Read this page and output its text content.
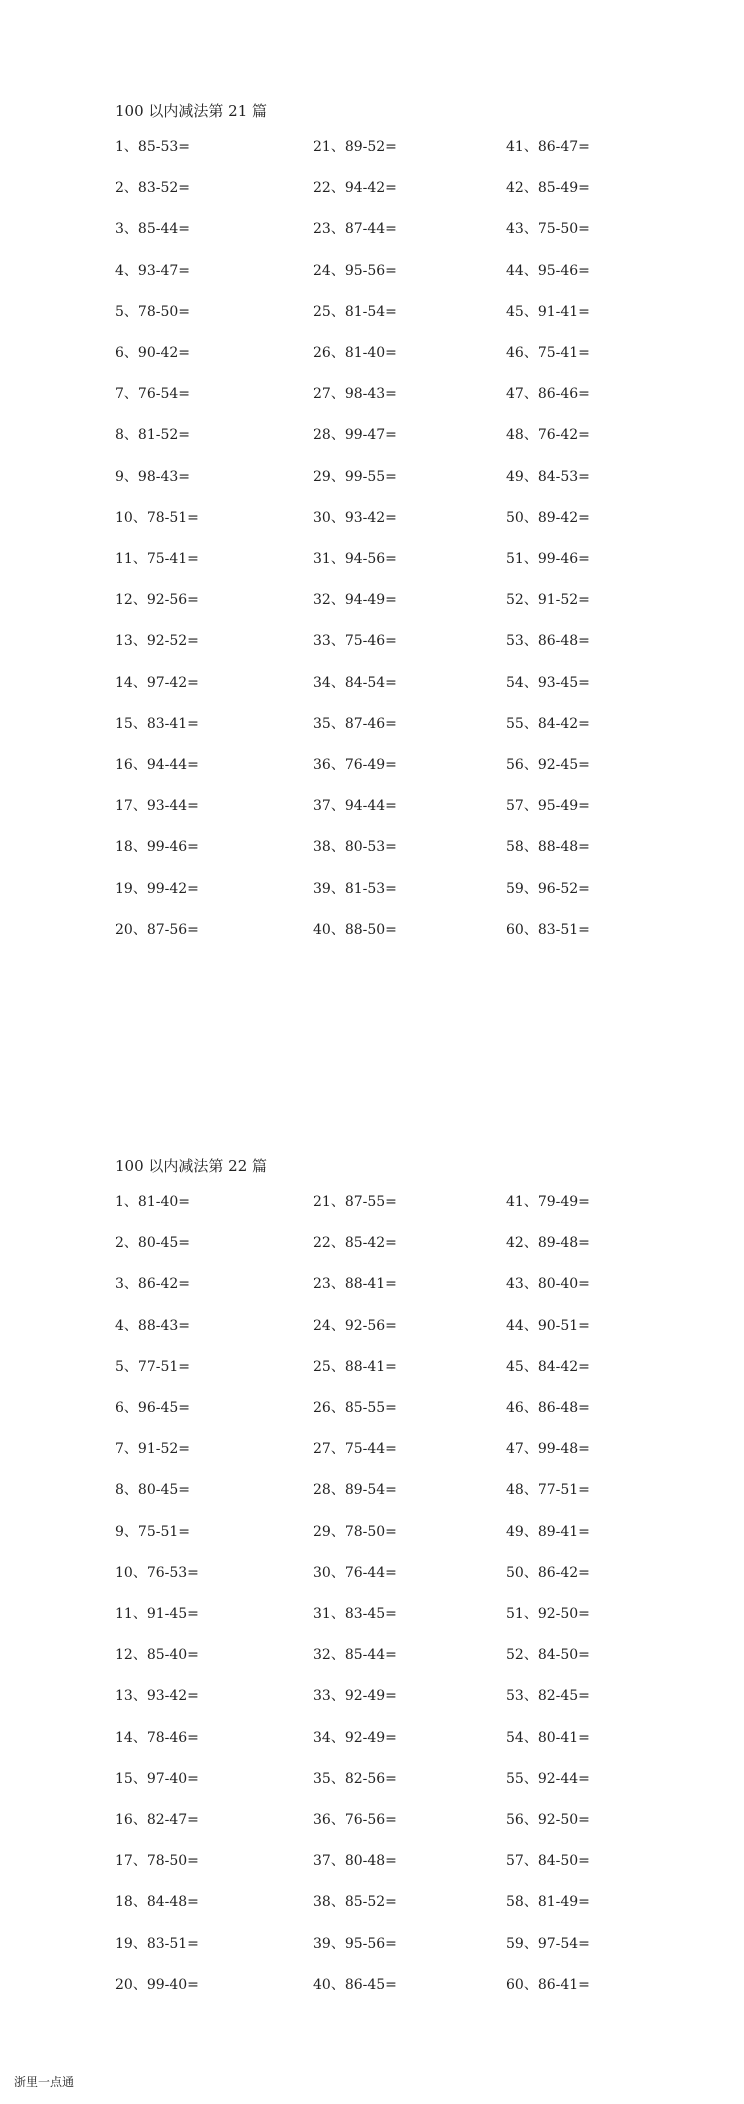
100 以内减法第 21 篇
1、85-53=
2、83-52=
3、85-44=
4、93-47=
5、78-50=
6、90-42=
7、76-54=
8、81-52=
9、98-43=
10、78-51=
11、75-41=
12、92-56=
13、92-52=
14、97-42=
15、83-41=
16、94-44=
17、93-44=
18、99-46=
19、99-42=
20、87-56=
21、89-52=
22、94-42=
23、87-44=
24、95-56=
25、81-54=
26、81-40=
27、98-43=
28、99-47=
29、99-55=
30、93-42=
31、94-56=
32、94-49=
33、75-46=
34、84-54=
35、87-46=
36、76-49=
37、94-44=
38、80-53=
39、81-53=
40、88-50=
41、86-47=
42、85-49=
43、75-50=
44、95-46=
45、91-41=
46、75-41=
47、86-46=
48、76-42=
49、84-53=
50、89-42=
51、99-46=
52、91-52=
53、86-48=
54、93-45=
55、84-42=
56、92-45=
57、95-49=
58、88-48=
59、96-52=
60、83-51=
100 以内减法第 22 篇
1、81-40=
2、80-45=
3、86-42=
4、88-43=
5、77-51=
6、96-45=
7、91-52=
8、80-45=
9、75-51=
10、76-53=
11、91-45=
12、85-40=
13、93-42=
14、78-46=
15、97-40=
16、82-47=
17、78-50=
18、84-48=
19、83-51=
20、99-40=
21、87-55=
22、85-42=
23、88-41=
24、92-56=
25、88-41=
26、85-55=
27、75-44=
28、89-54=
29、78-50=
30、76-44=
31、83-45=
32、85-44=
33、92-49=
34、92-49=
35、82-56=
36、76-56=
37、80-48=
38、85-52=
39、95-56=
40、86-45=
41、79-49=
42、89-48=
43、80-40=
44、90-51=
45、84-42=
46、86-48=
47、99-48=
48、77-51=
49、89-41=
50、86-42=
51、92-50=
52、84-50=
53、82-45=
54、80-41=
55、92-44=
56、92-50=
57、84-50=
58、81-49=
59、97-54=
60、86-41=
浙里一点通
